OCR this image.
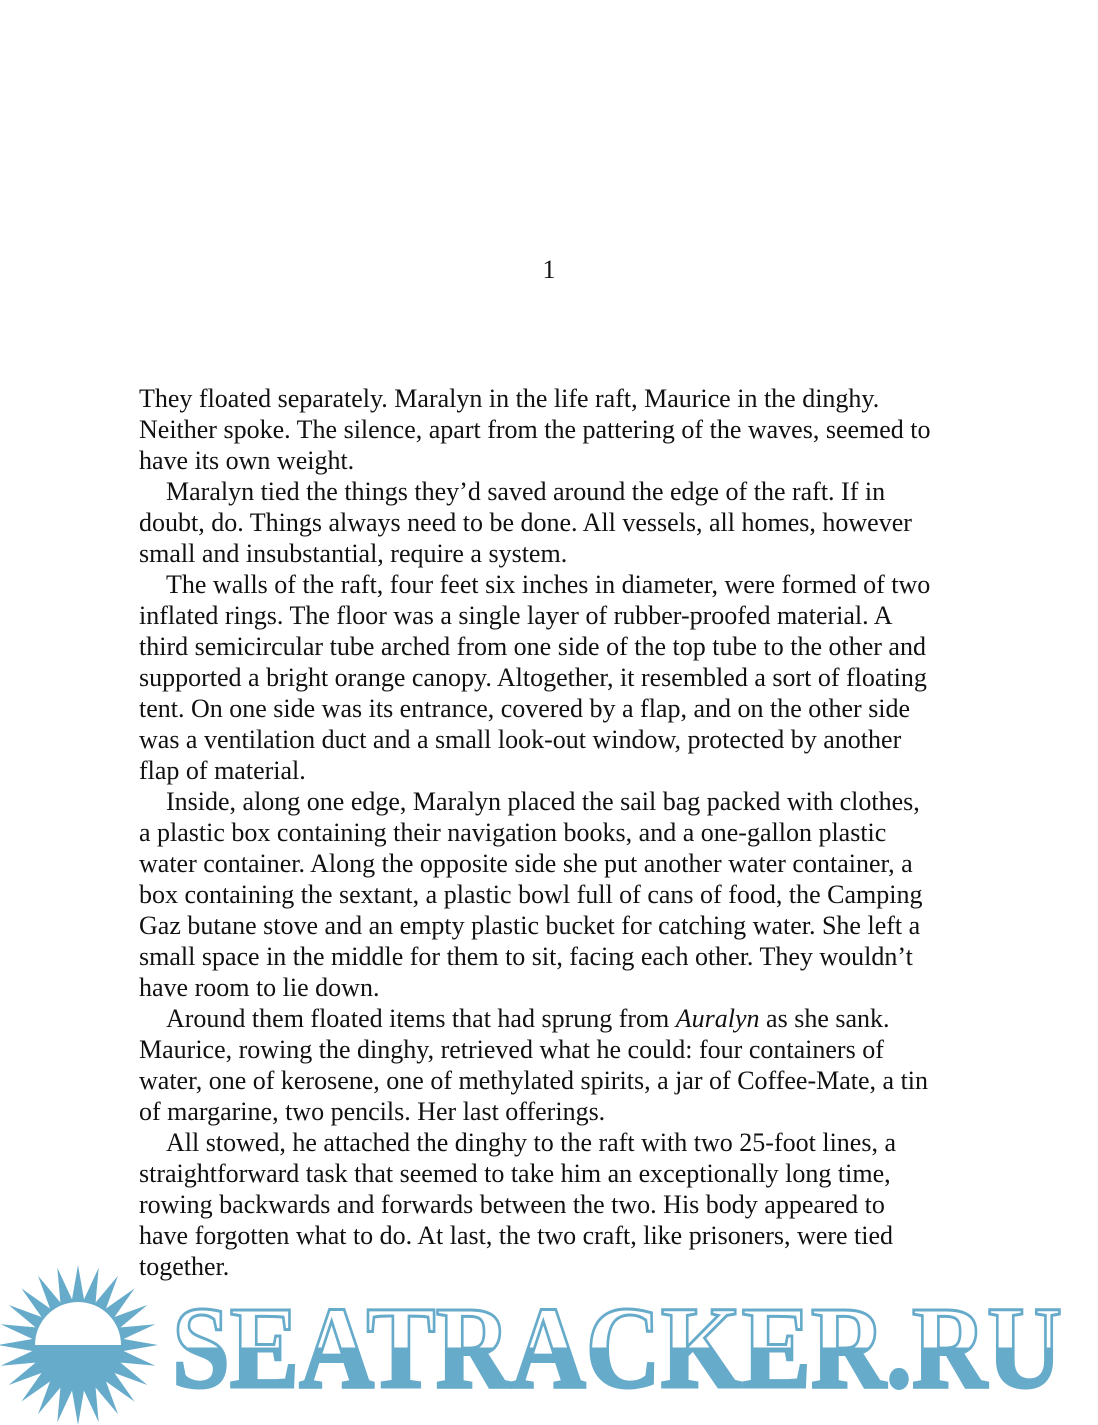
1
They floated separately. Maralyn in the life raft, Maurice in the dinghy.
Neither spoke. The silence, apart from the pattering of the waves, seemed to
have its own weight.
Maralyn tied the things they’d saved around the edge of the raft. If in
doubt, do. Things always need to be done. All vessels, all homes, however
small and insubstantial, require a system.
The walls of the raft, four feet six inches in diameter, were formed of two
inflated rings. The floor was a single layer of rubber-proofed material. A
third semicircular tube arched from one side of the top tube to the other and
supported a bright orange canopy. Altogether, it resembled a sort of floating
tent. On one side was its entrance, covered by a flap, and on the other side
was a ventilation duct and a small look-out window, protected by another
flap of material.
Inside, along one edge, Maralyn placed the sail bag packed with clothes,
a plastic box containing their navigation books, and a one-gallon plastic
water container. Along the opposite side she put another water container, a
box containing the sextant, a plastic bowl full of cans of food, the Camping
Gaz butane stove and an empty plastic bucket for catching water. She left a
small space in the middle for them to sit, facing each other. They wouldn’t
have room to lie down.
Around them floated items that had sprung from Auralyn as she sank.
Maurice, rowing the dinghy, retrieved what he could: four containers of
water, one of kerosene, one of methylated spirits, a jar of Coffee-Mate, a tin
of margarine, two pencils. Her last offerings.
All stowed, he attached the dinghy to the raft with two 25-foot lines, a
straightforward task that seemed to take him an exceptionally long time,
rowing backwards and forwards between the two. His body appeared to
have forgotten what to do. At last, the two craft, like prisoners, were tied
together.
SEATRACKER.RU
